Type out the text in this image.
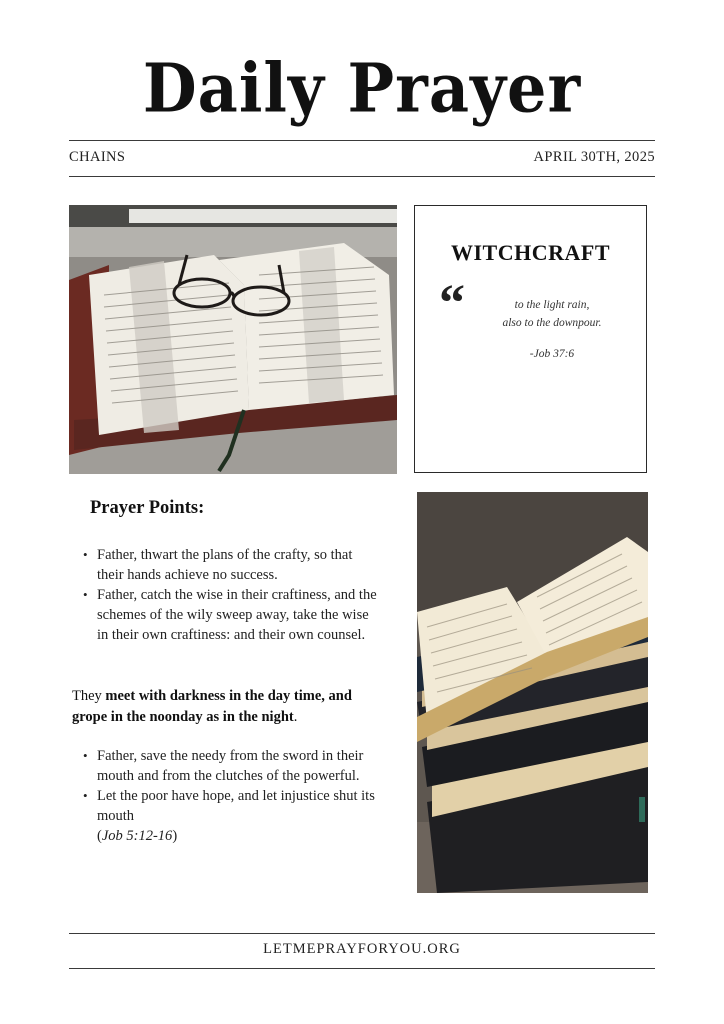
Daily Prayer
CHAINS	APRIL 30TH, 2025
WITCHCRAFT
“	to the light rain,
also to the downpour.
-Job 37:6
Prayer Points:
• Father, thwart the plans of the crafty, so that their hands achieve no success.
• Father, catch the wise in their craftiness, and the schemes of the wily sweep away, take the wise in their own craftiness: and their own counsel.
They meet with darkness in the day time, and grope in the noonday as in the night.
• Father, save the needy from the sword in their mouth and from the clutches of the powerful.
• Let the poor have hope, and let injustice shut its mouth
(Job 5:12-16)
LETMEPRAYFORYOU.ORG
